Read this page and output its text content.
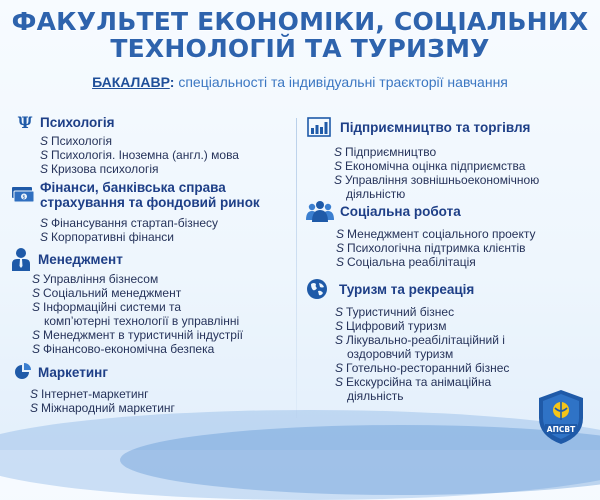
ФАКУЛЬТЕТ ЕКОНОМІКИ, СОЦІАЛЬНИХ
ТЕХНОЛОГІЙ ТА ТУРИЗМУ
БАКАЛАВР: спеціальності та індивідуальні траєкторії навчання
Ψ Психологія
S Психологія
S Психологія. Іноземна (англ.) мова
S Кризова психологія
$
Фінанси, банківська справа
страхування та фондовий ринок
S Фінансування стартап-бізнесу
S Корпоративні фінанси
Менеджмент
S Управління бізнесом
S Соціальний менеджмент
S Інформаційні системи та
комп’ютерні технології в управлінні
S Менеджмент в туристичній індустрії
S Фінансово-економічна безпека
Маркетинг
S Інтернет-маркетинг
S Міжнародний маркетинг
Підприємництво та торгівля
S Підприємництво
S Економічна оцінка підприємства
S Управління зовнішньоекономічною
діяльністю
Соціальна робота
S Менеджмент соціального проекту
S Психологічна підтримка клієнтів
S Соціальна реабілітація
Туризм та рекреація
S Туристичний бізнес
S Цифровий туризм
S Лікувально-реабілітаційний і
оздоровчий туризм
S Готельно-ресторанний бізнес
S Екскурсійна та анімаційна
діяльність
АПСВТ
